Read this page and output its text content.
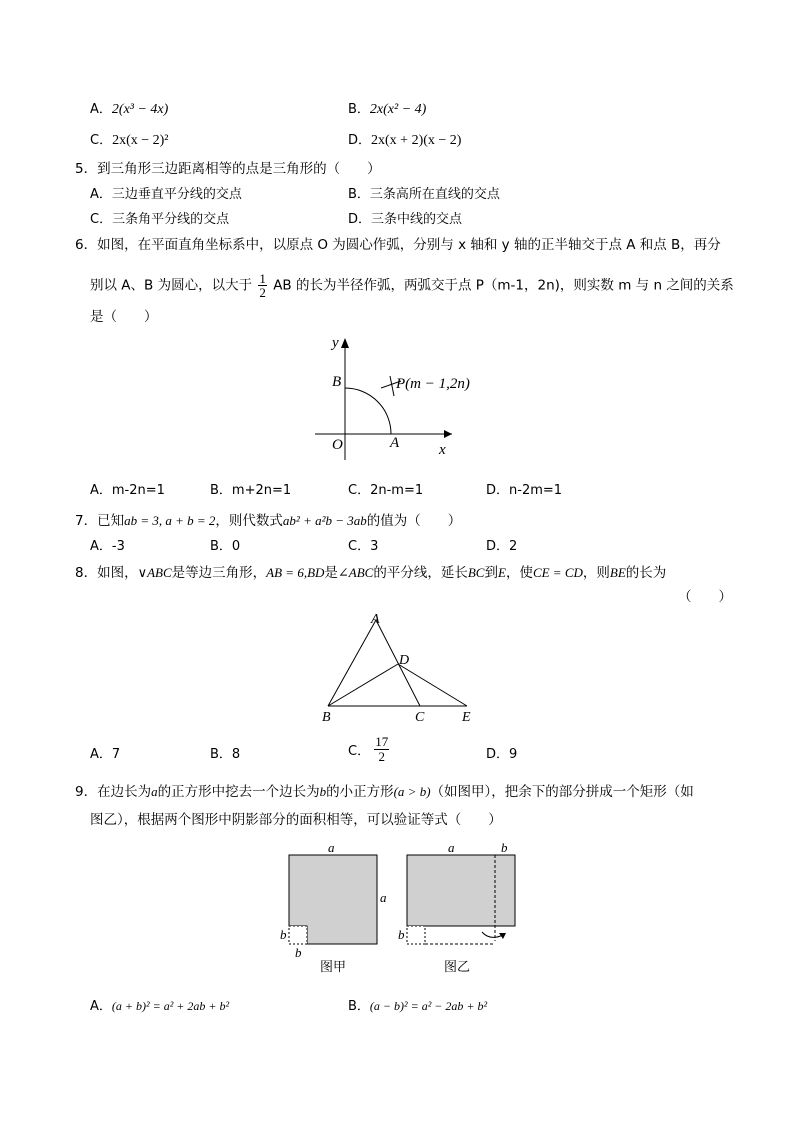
A．2(x³ − 4x)	B．2x(x² − 4)
C．2x(x − 2)²	D．2x(x + 2)(x − 2)
5．到三角形三边距离相等的点是三角形的（　　）
A．三边垂直平分线的交点	B．三条高所在直线的交点
C．三条角平分线的交点	D．三条中线的交点
6．如图，在平面直角坐标系中，以原点 O 为圆心作弧，分别与 x 轴和 y 轴的正半轴交于点 A 和点 B，再分
别以 A、B 为圆心，以大于 $\frac{1}{2}$ AB 的长为半径作弧，两弧交于点 P（m-1，2n)，则实数 m 与 n 之间的关系
是（　　）
y
x
O	A
B	P(m − 1,2n)
A．m-2n=1	B．m+2n=1	C．2n-m=1	D．n-2m=1
7．已知ab = 3, a + b = 2，则代数式ab² + a²b − 3ab的值为（　　）
A．-3	B．0	C．3	D．2
8．如图，∨ABC是等边三角形，AB = 6,BD是∠ABC的平分线，延长BC到E，使CE = CD，则BE的长为
（　　）
A
B	C
D
E
A．7	B．8	C． $\frac{17}{2}$	D．9
9．在边长为a的正方形中挖去一个边长为b的小正方形(a > b)（如图甲），把余下的部分拼成一个矩形（如
图乙），根据两个图形中阴影部分的面积相等，可以验证等式（　　）
a
a
b
b
图甲
a	b
b
图乙
A．(a + b)² = a² + 2ab + b²	B．(a − b)² = a² − 2ab + b²
